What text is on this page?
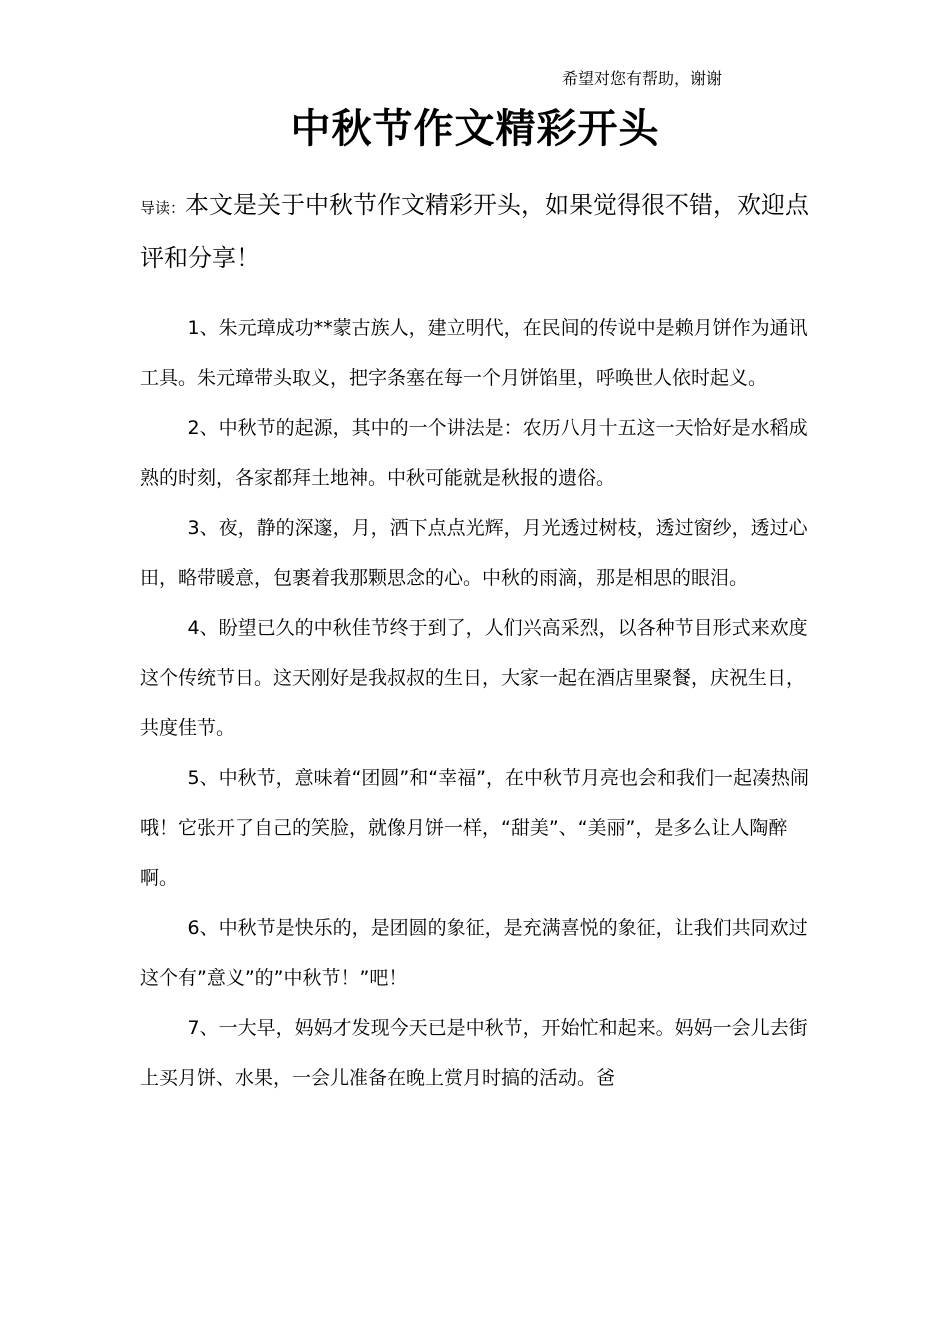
希望对您有帮助，谢谢
中秋节作文精彩开头

导读：本文是关于中秋节作文精彩开头，如果觉得很不错，欢迎点评和分享！

1、朱元璋成功**蒙古族人，建立明代，在民间的传说中是赖月饼作为通讯工具。朱元璋带头取义，把字条塞在每一个月饼馅里，呼唤世人依时起义。

2、中秋节的起源，其中的一个讲法是：农历八月十五这一天恰好是水稻成熟的时刻，各家都拜土地神。中秋可能就是秋报的遗俗。

3、夜，静的深邃，月，洒下点点光辉，月光透过树枝，透过窗纱，透过心田，略带暖意，包裹着我那颗思念的心。中秋的雨滴，那是相思的眼泪。

4、盼望已久的中秋佳节终于到了，人们兴高采烈，以各种节目形式来欢度这个传统节日。这天刚好是我叔叔的生日，大家一起在酒店里聚餐，庆祝生日，共度佳节。

5、中秋节，意味着“团圆”和“幸福”，在中秋节月亮也会和我们一起凑热闹哦！它张开了自己的笑脸，就像月饼一样，“甜美”、“美丽”，是多么让人陶醉啊。

6、中秋节是快乐的，是团圆的象征，是充满喜悦的象征，让我们共同欢过这个有”意义”的”中秋节！”吧！

7、一大早，妈妈才发现今天已是中秋节，开始忙和起来。妈妈一会儿去街上买月饼、水果，一会儿准备在晚上赏月时搞的活动。爸
